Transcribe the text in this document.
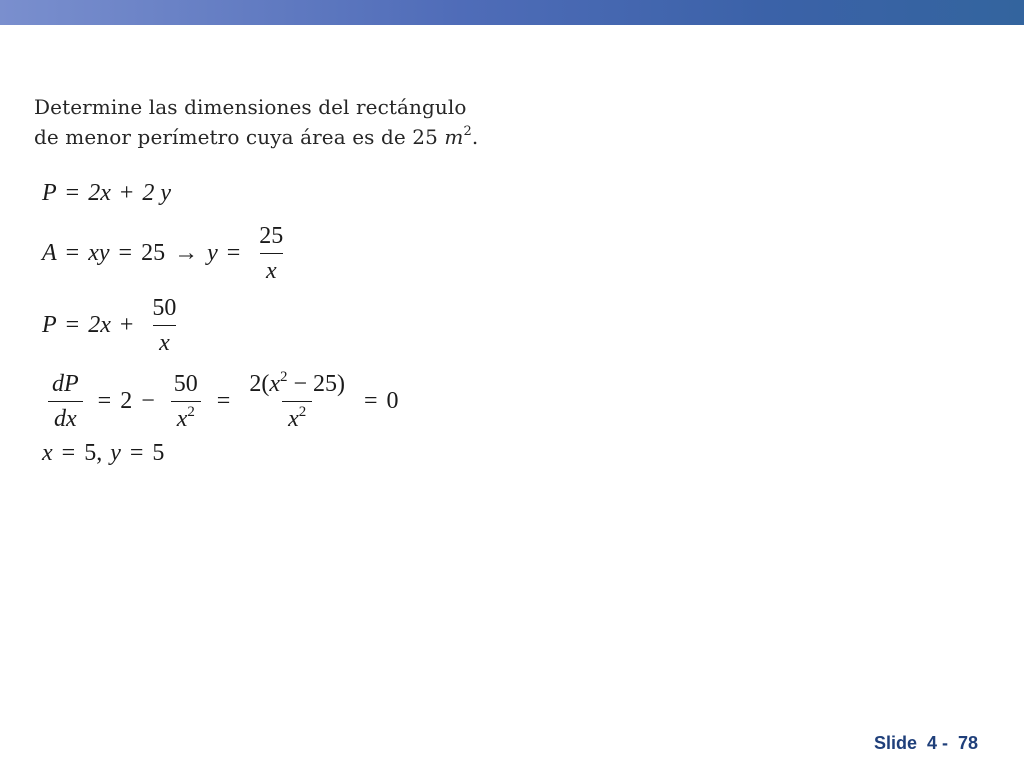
Determine las dimensiones del rectángulo
de menor perímetro cuya área es de 25 $m^2$.
P = 2x + 2 y
A = xy = $25 \to y = \frac{25}{x}$
$P = 2x + \frac{50}{x}$
$\frac{dP}{dx} = 2 - \frac{50}{x^2} = \frac{2(x^2 - 25)}{x^2} = 0$
x = 5, y = 5
Slide  4 -  78
